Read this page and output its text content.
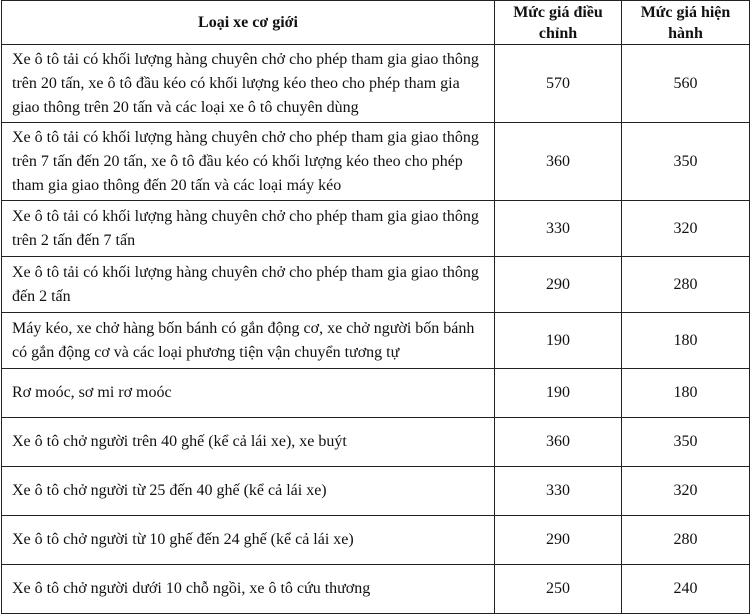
Loại xe cơ giới	Mức giá điều chỉnh	Mức giá hiện hành
Xe ô tô tải có khối lượng hàng chuyên chở cho phép tham gia giao thông trên 20 tấn, xe ô tô đầu kéo có khối lượng kéo theo cho phép tham gia giao thông trên 20 tấn và các loại xe ô tô chuyên dùng	570	560
Xe ô tô tải có khối lượng hàng chuyên chở cho phép tham gia giao thông trên 7 tấn đến 20 tấn, xe ô tô đầu kéo có khối lượng kéo theo cho phép tham gia giao thông đến 20 tấn và các loại máy kéo	360	350
Xe ô tô tải có khối lượng hàng chuyên chở cho phép tham gia giao thông trên 2 tấn đến 7 tấn	330	320
Xe ô tô tải có khối lượng hàng chuyên chở cho phép tham gia giao thông đến 2 tấn	290	280
Máy kéo, xe chở hàng bốn bánh có gắn động cơ, xe chở người bốn bánh có gắn động cơ và các loại phương tiện vận chuyển tương tự	190	180
Rơ moóc, sơ mi rơ moóc	190	180
Xe ô tô chở người trên 40 ghế (kể cả lái xe), xe buýt	360	350
Xe ô tô chở người từ 25 đến 40 ghế (kể cả lái xe)	330	320
Xe ô tô chở người từ 10 ghế đến 24 ghế (kể cả lái xe)	290	280
Xe ô tô chở người dưới 10 chỗ ngồi, xe ô tô cứu thương	250	240
